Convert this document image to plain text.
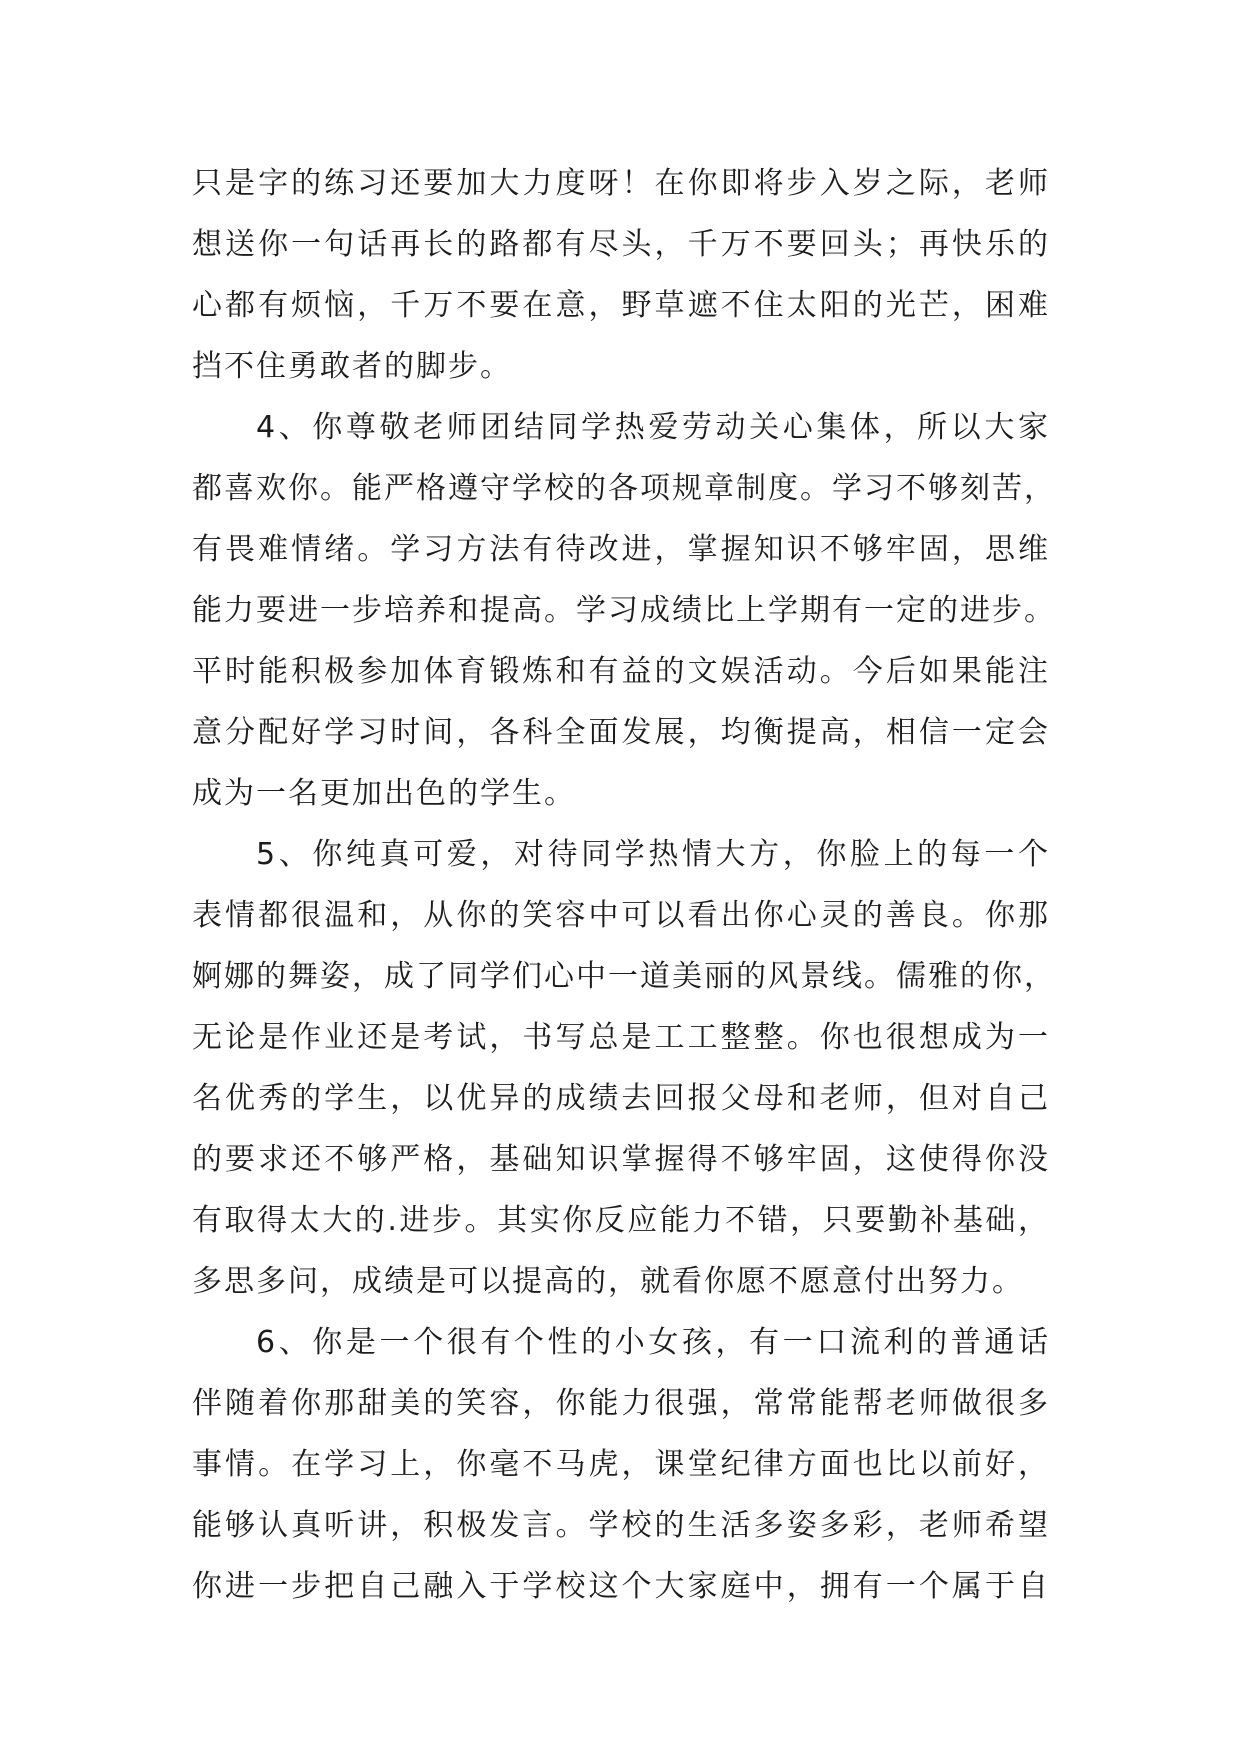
只是字的练习还要加大力度呀！在你即将步入岁之际，老师
想送你一句话再长的路都有尽头，千万不要回头；再快乐的
心都有烦恼，千万不要在意，野草遮不住太阳的光芒，困难
挡不住勇敢者的脚步。

4、你尊敬老师团结同学热爱劳动关心集体，所以大家
都喜欢你。能严格遵守学校的各项规章制度。学习不够刻苦，
有畏难情绪。学习方法有待改进，掌握知识不够牢固，思维
能力要进一步培养和提高。学习成绩比上学期有一定的进步。
平时能积极参加体育锻炼和有益的文娱活动。今后如果能注
意分配好学习时间，各科全面发展，均衡提高，相信一定会
成为一名更加出色的学生。

5、你纯真可爱，对待同学热情大方，你脸上的每一个
表情都很温和，从你的笑容中可以看出你心灵的善良。你那
婀娜的舞姿，成了同学们心中一道美丽的风景线。儒雅的你，
无论是作业还是考试，书写总是工工整整。你也很想成为一
名优秀的学生，以优异的成绩去回报父母和老师，但对自己
的要求还不够严格，基础知识掌握得不够牢固，这使得你没
有取得太大的.进步。其实你反应能力不错，只要勤补基础，
多思多问，成绩是可以提高的，就看你愿不愿意付出努力。

6、你是一个很有个性的小女孩，有一口流利的普通话
伴随着你那甜美的笑容，你能力很强，常常能帮老师做很多
事情。在学习上，你毫不马虎，课堂纪律方面也比以前好，
能够认真听讲，积极发言。学校的生活多姿多彩，老师希望
你进一步把自己融入于学校这个大家庭中，拥有一个属于自
